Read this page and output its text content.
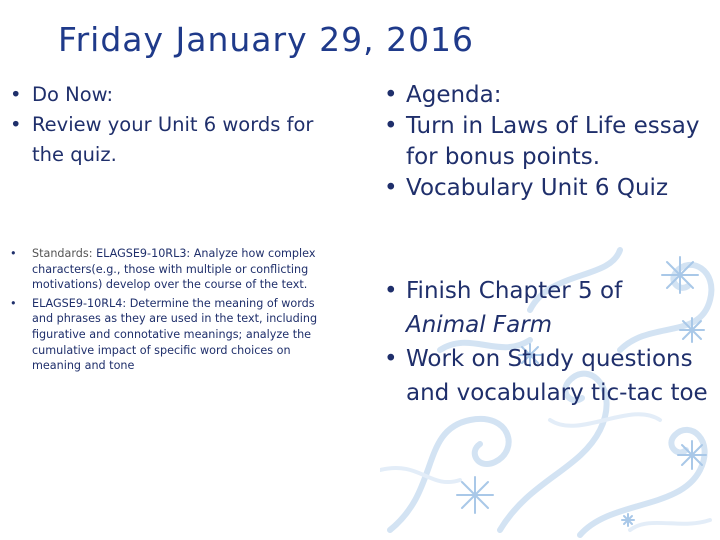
Friday January 29, 2016
• Do Now:
• Review your Unit 6 words for the quiz.
• Agenda:
• Turn in Laws of Life essay for bonus points.
• Vocabulary Unit 6 Quiz
• Standards: ELAGSE9-10RL3: Analyze how complex characters(e.g., those with multiple or conflicting motivations) develop over the course of the text.
• ELAGSE9-10RL4: Determine the meaning of words and phrases as they are used in the text, including figurative and connotative meanings; analyze the cumulative impact of specific word choices on meaning and tone
• Finish Chapter 5 of
Animal Farm
• Work on Study questions and vocabulary tic-tac toe
